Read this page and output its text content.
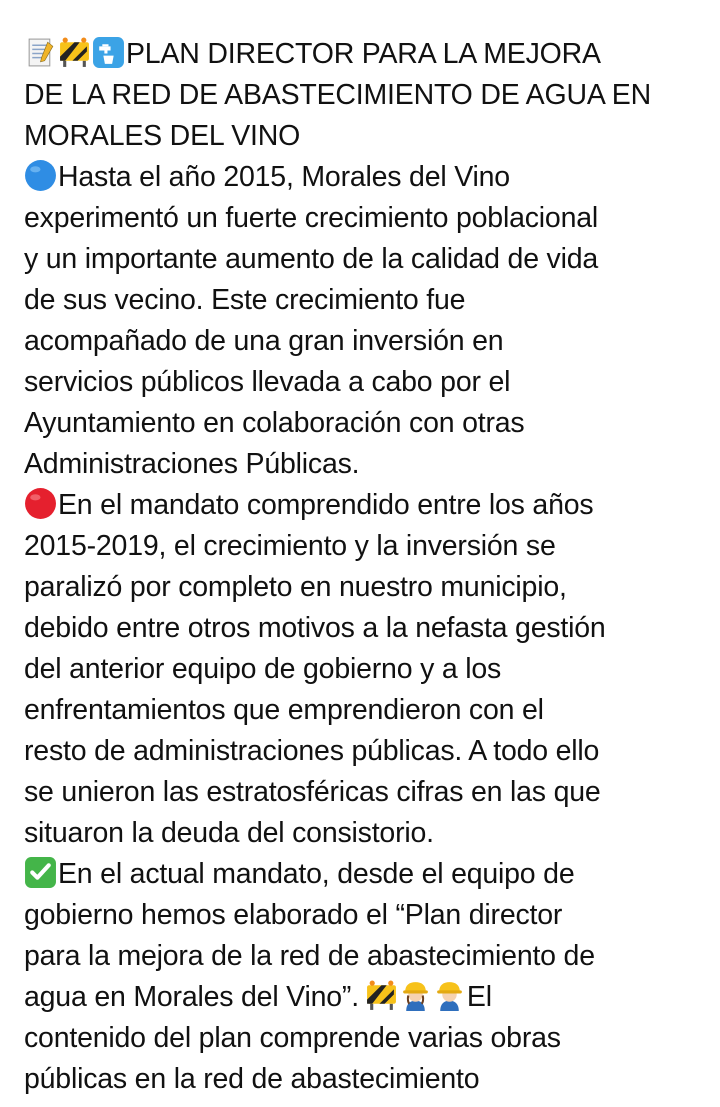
PLAN DIRECTOR PARA LA MEJORA
DE LA RED DE ABASTECIMIENTO DE AGUA EN
MORALES DEL VINO
Hasta el año 2015, Morales del Vino
experimentó un fuerte crecimiento poblacional
y un importante aumento de la calidad de vida
de sus vecino. Este crecimiento fue
acompañado de una gran inversión en
servicios públicos llevada a cabo por el
Ayuntamiento en colaboración con otras
Administraciones Públicas.
En el mandato comprendido entre los años
2015-2019, el crecimiento y la inversión se
paralizó por completo en nuestro municipio,
debido entre otros motivos a la nefasta gestión
del anterior equipo de gobierno y a los
enfrentamientos que emprendieron con el
resto de administraciones públicas. A todo ello
se unieron las estratosféricas cifras en las que
situaron la deuda del consistorio.
En el actual mandato, desde el equipo de
gobierno hemos elaborado el “Plan director
para la mejora de la red de abastecimiento de
agua en Morales del Vino”.	El
contenido del plan comprende varias obras
públicas en la red de abastecimiento
